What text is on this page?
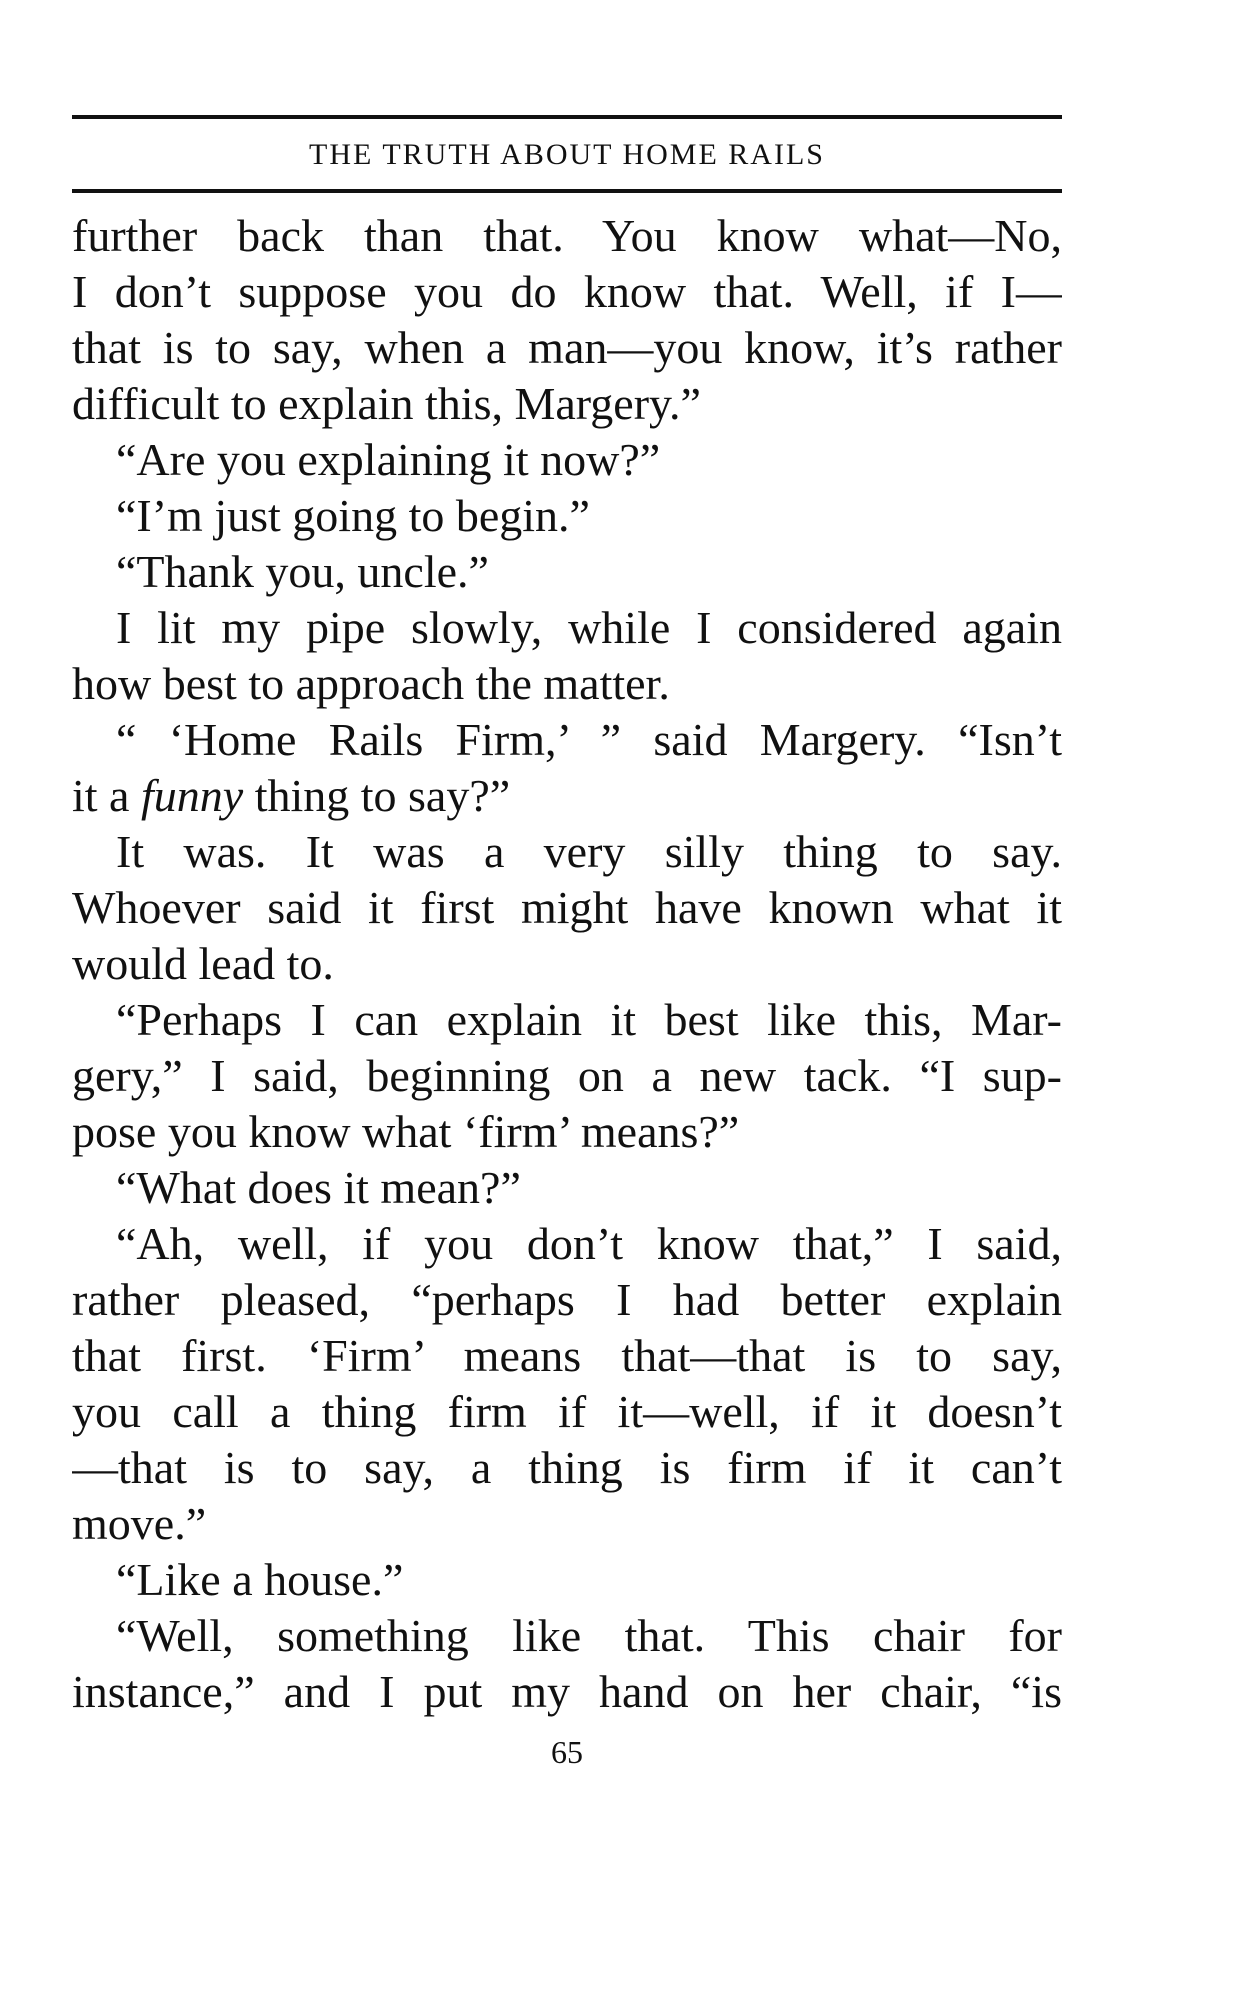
THE TRUTH ABOUT HOME RAILS
further back than that. You know what—No,
I don’t suppose you do know that. Well, if I—
that is to say, when a man—you know, it’s rather
difficult to explain this, Margery.”
“Are you explaining it now?”
“I’m just going to begin.”
“Thank you, uncle.”
I lit my pipe slowly, while I considered again
how best to approach the matter.
“ ‘Home Rails Firm,’ ” said Margery. “Isn’t
it a funny thing to say?”
It was. It was a very silly thing to say.
Whoever said it first might have known what it
would lead to.
“Perhaps I can explain it best like this, Mar-
gery,” I said, beginning on a new tack. “I sup-
pose you know what ‘firm’ means?”
“What does it mean?”
“Ah, well, if you don’t know that,” I said,
rather pleased, “perhaps I had better explain
that first. ‘Firm’ means that—that is to say,
you call a thing firm if it—well, if it doesn’t
—that is to say, a thing is firm if it can’t
move.”
“Like a house.”
“Well, something like that. This chair for
instance,” and I put my hand on her chair, “is
65
